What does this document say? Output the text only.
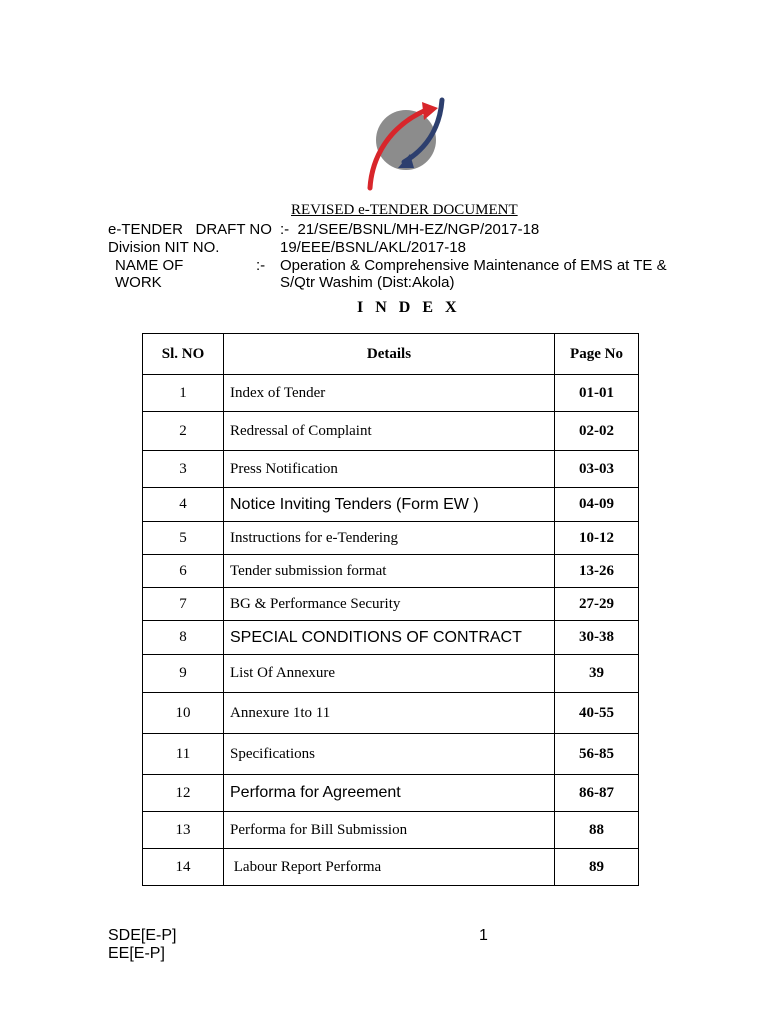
REVISED e-TENDER DOCUMENT
e-TENDER   DRAFT NO :-  21/SEE/BSNL/MH-EZ/NGP/2017-18
Division NIT NO.	19/EEE/BSNL/AKL/2017-18
NAME OF	:- Operation & Comprehensive Maintenance of EMS at TE &
WORK	S/Qtr Washim (Dist:Akola)
I N D E X
Sl. NO	Details	Page No
1	Index of Tender	01-01
2	Redressal of Complaint	02-02
3	Press Notification	03-03
4	Notice Inviting Tenders (Form EW )	04-09
5	Instructions for e-Tendering	10-12
6	Tender submission format	13-26
7	BG & Performance Security	27-29
8	SPECIAL CONDITIONS OF CONTRACT	30-38
9	List Of Annexure	39
10	Annexure 1to 11	40-55
11	Specifications	56-85
12	Performa for Agreement	86-87
13	Performa for Bill Submission	88
14	Labour Report Performa	89
SDE[E-P]
EE[E-P]
1
